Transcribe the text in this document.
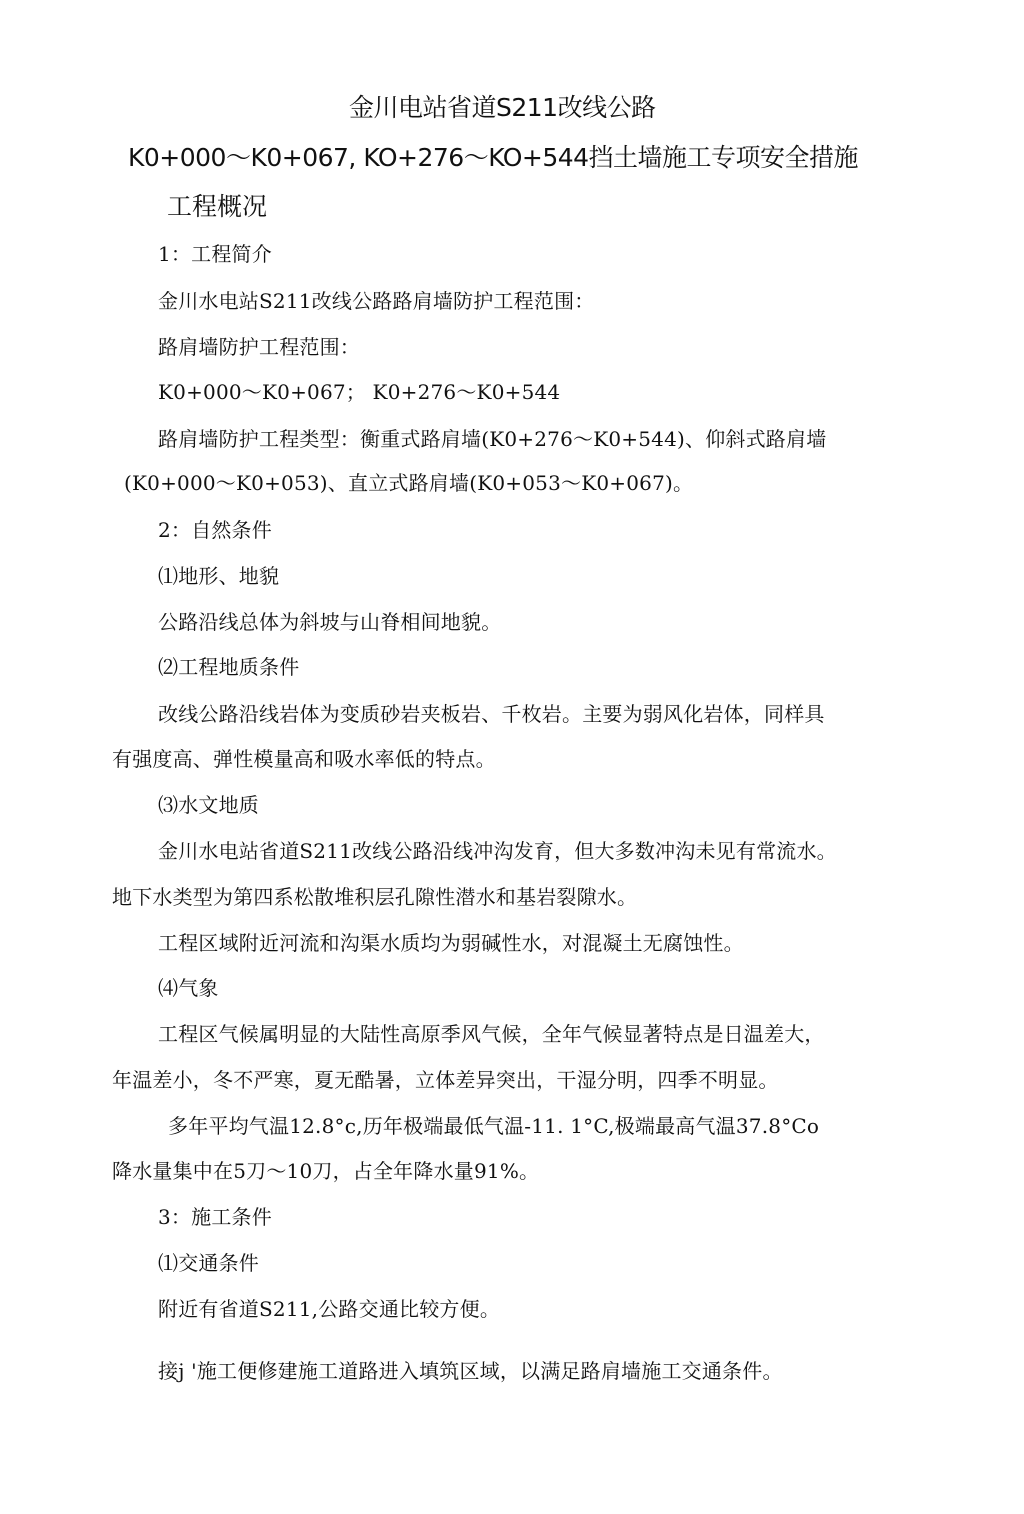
金川电站省道S211改线公路
K0+000～K0+067, KO+276～KO+544挡土墙施工专项安全措施
工程概况
1：工程简介
金川水电站S211改线公路路肩墙防护工程范围：
路肩墙防护工程范围：
K0+000～K0+067； K0+276～K0+544
路肩墙防护工程类型：衡重式路肩墙(K0+276～K0+544)、仰斜式路肩墙
(K0+000～K0+053)、直立式路肩墙(K0+053～K0+067)。
2：自然条件
⑴地形、地貌
公路沿线总体为斜坡与山脊相间地貌。
⑵工程地质条件
改线公路沿线岩体为变质砂岩夹板岩、千枚岩。主要为弱风化岩体，同样具
有强度高、弹性模量高和吸水率低的特点。
⑶水文地质
金川水电站省道S211改线公路沿线冲沟发育，但大多数冲沟未见有常流水。
地下水类型为第四系松散堆积层孔隙性潜水和基岩裂隙水。
工程区域附近河流和沟渠水质均为弱碱性水，对混凝土无腐蚀性。
⑷气象
工程区气候属明显的大陆性高原季风气候，全年气候显著特点是日温差大，
年温差小，冬不严寒，夏无酷暑，立体差异突出，干湿分明，四季不明显。
多年平均气温12.8°c,历年极端最低气温-11. 1°C,极端最高气温37.8°Co
降水量集中在5刀～10刀，占全年降水量91%。
3：施工条件
⑴交通条件
附近有省道S211,公路交通比较方便。
接j '施工便修建施工道路进入填筑区域，以满足路肩墙施工交通条件。
